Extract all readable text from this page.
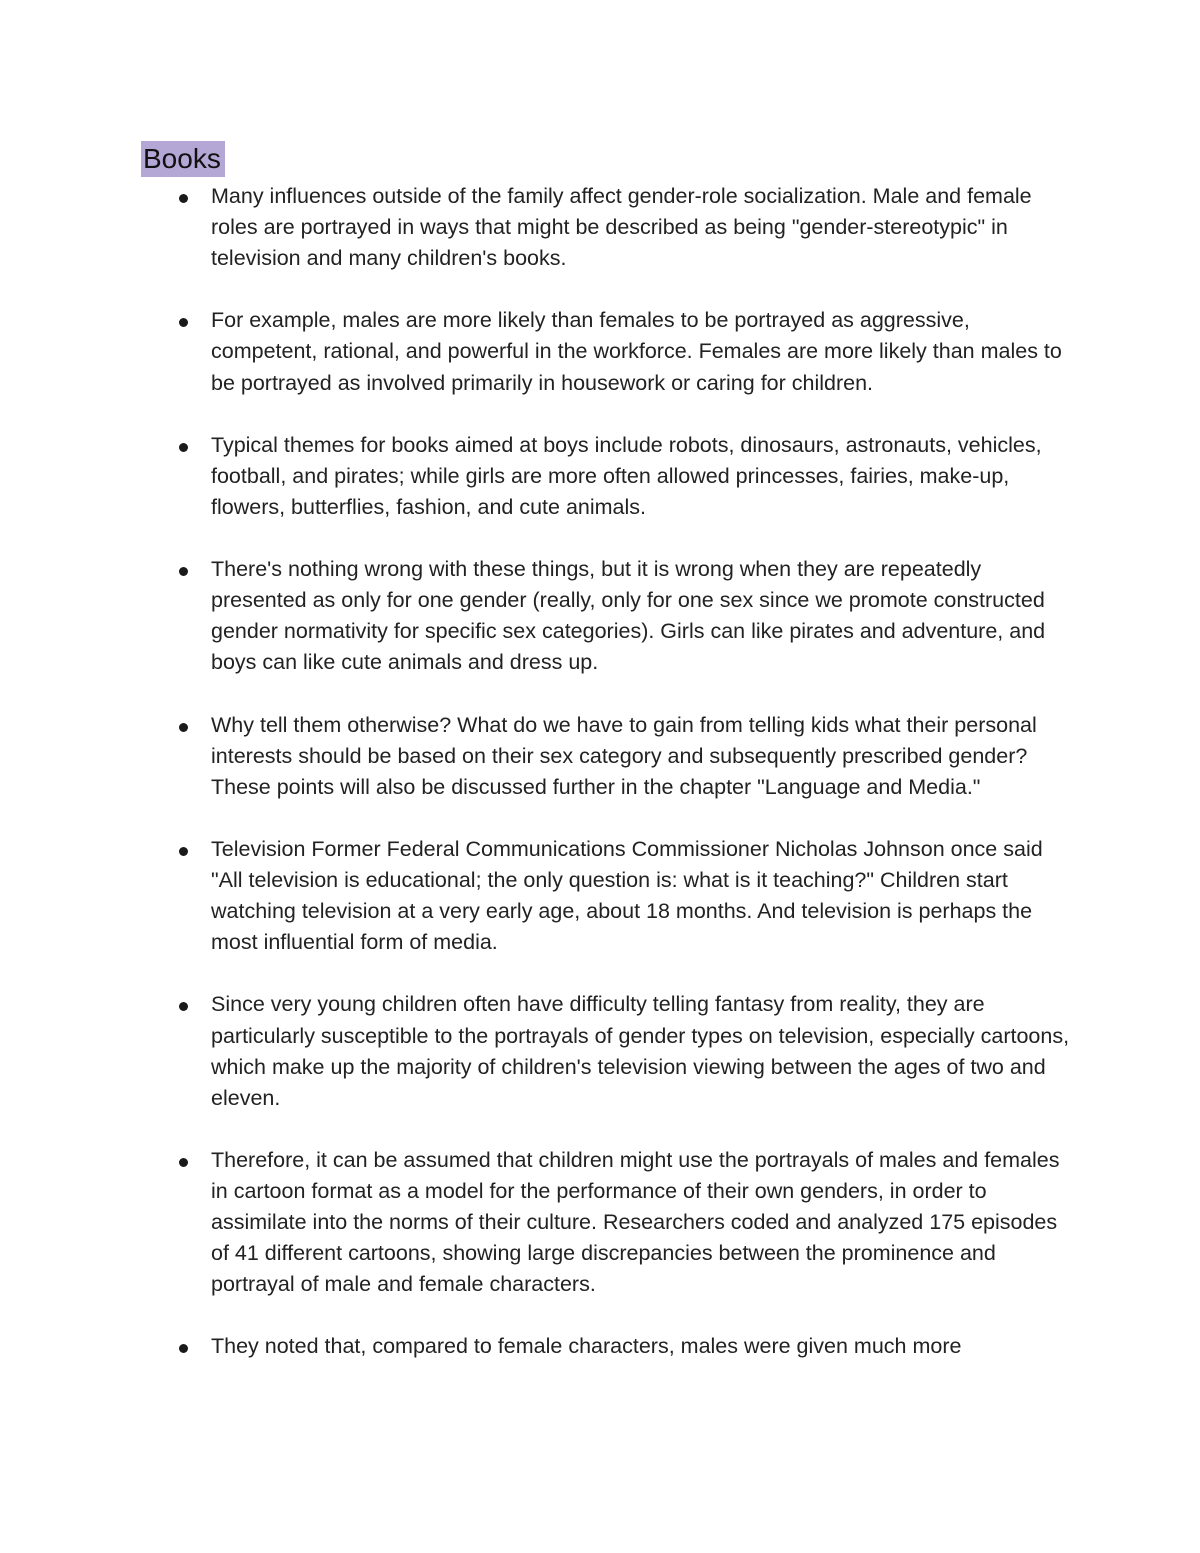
Books
Many influences outside of the family affect gender-role socialization. Male and female roles are portrayed in ways that might be described as being "gender-stereotypic" in television and many children's books.
For example, males are more likely than females to be portrayed as aggressive, competent, rational, and powerful in the workforce. Females are more likely than males to be portrayed as involved primarily in housework or caring for children.
Typical themes for books aimed at boys include robots, dinosaurs, astronauts, vehicles, football, and pirates; while girls are more often allowed princesses, fairies, make-up, flowers, butterflies, fashion, and cute animals.
There's nothing wrong with these things, but it is wrong when they are repeatedly presented as only for one gender (really, only for one sex since we promote constructed gender normativity for specific sex categories). Girls can like pirates and adventure, and boys can like cute animals and dress up.
Why tell them otherwise? What do we have to gain from telling kids what their personal interests should be based on their sex category and subsequently prescribed gender? These points will also be discussed further in the chapter "Language and Media."
Television Former Federal Communications Commissioner Nicholas Johnson once said "All television is educational; the only question is: what is it teaching?" Children start watching television at a very early age, about 18 months. And television is perhaps the most influential form of media.
Since very young children often have difficulty telling fantasy from reality, they are particularly susceptible to the portrayals of gender types on television, especially cartoons, which make up the majority of children's television viewing between the ages of two and eleven.
Therefore, it can be assumed that children might use the portrayals of males and females in cartoon format as a model for the performance of their own genders, in order to assimilate into the norms of their culture. Researchers coded and analyzed 175 episodes of 41 different cartoons, showing large discrepancies between the prominence and portrayal of male and female characters.
They noted that, compared to female characters, males were given much more
